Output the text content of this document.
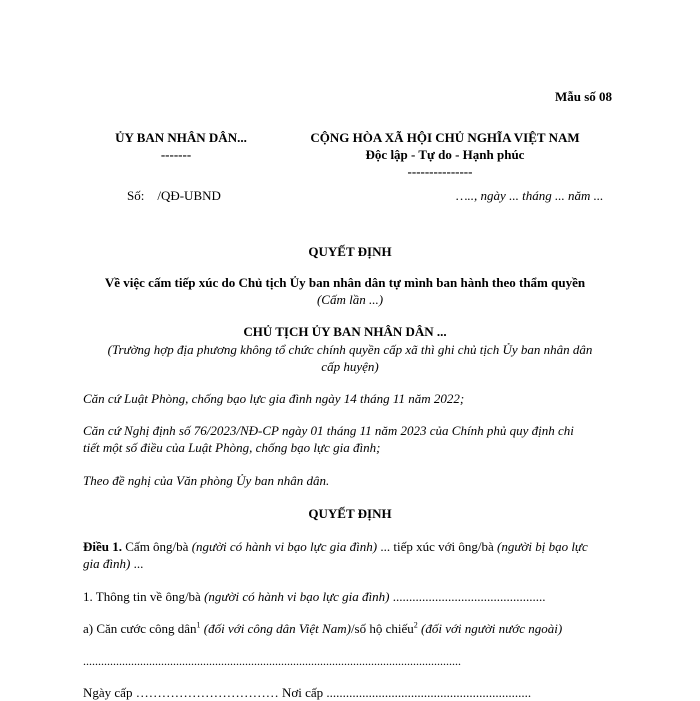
Mẫu số 08
ỦY BAN NHÂN DÂN...
-------
CỘNG HÒA XÃ HỘI CHỦ NGHĨA VIỆT NAM
Độc lập - Tự do - Hạnh phúc
---------------
Số:    /QĐ-UBND	….., ngày ... tháng ... năm ...
QUYẾT ĐỊNH
Về việc cấm tiếp xúc do Chủ tịch Ủy ban nhân dân tự mình ban hành theo thẩm quyền
(Cấm lần ...)
CHỦ TỊCH ỦY BAN NHÂN DÂN ...
(Trường hợp địa phương không tổ chức chính quyền cấp xã thì ghi chủ tịch Ủy ban nhân dân
cấp huyện)
Căn cứ Luật Phòng, chống bạo lực gia đình ngày 14 tháng 11 năm 2022;
Căn cứ Nghị định số 76/2023/NĐ-CP ngày 01 tháng 11 năm 2023 của Chính phủ quy định chi
tiết một số điều của Luật Phòng, chống bạo lực gia đình;
Theo đề nghị của Văn phòng Ủy ban nhân dân.
QUYẾT ĐỊNH
Điều 1. Cấm ông/bà (người có hành vi bạo lực gia đình) ... tiếp xúc với ông/bà (người bị bạo lực
gia đình) ...
1. Thông tin về ông/bà (người có hành vi bạo lực gia đình) ...............................................
a) Căn cước công dân$^1$ (đối với công dân Việt Nam)/số hộ chiếu$^2$ (đối với người nước ngoài)
..............................................................................................................................
Ngày cấp …………………………… Nơi cấp ...............................................................
